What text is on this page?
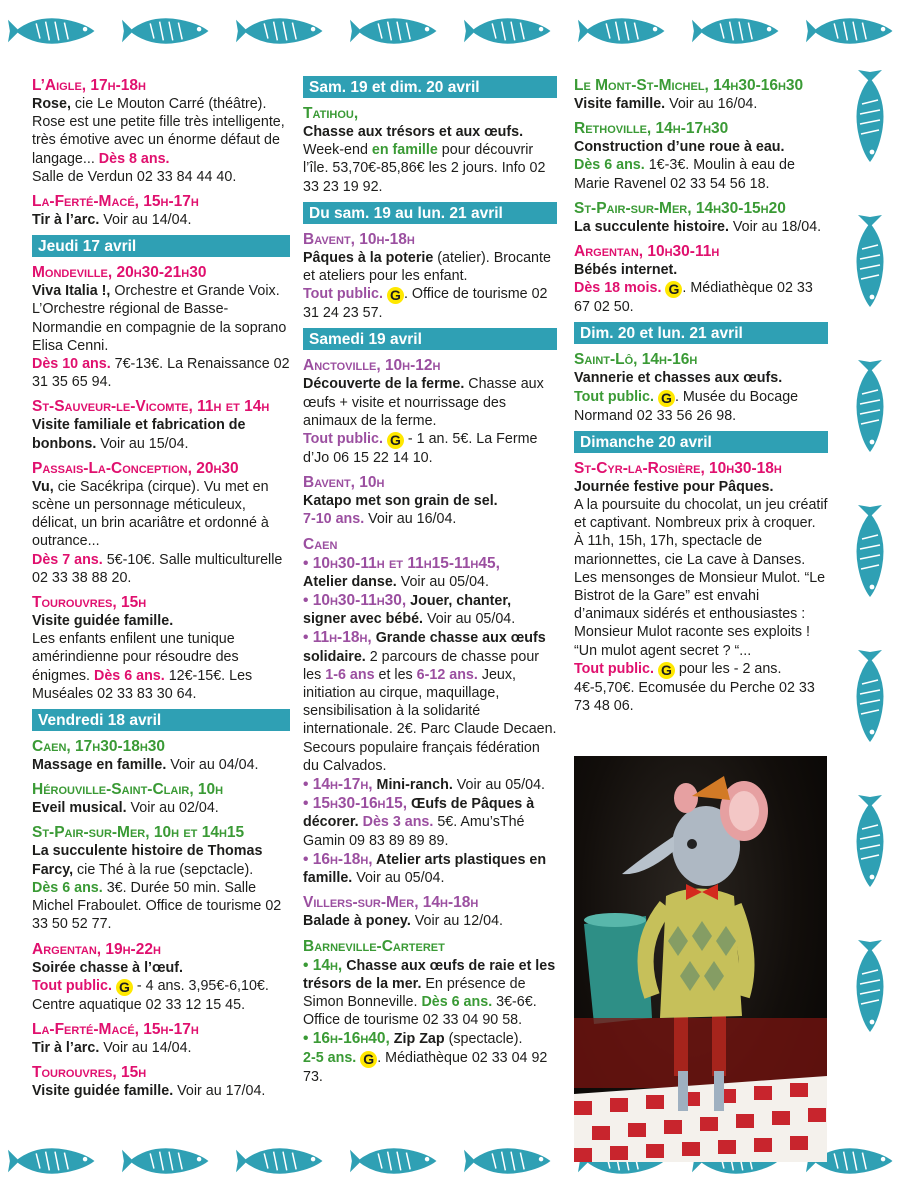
L’Aigle, 17h-18h
Rose, cie Le Mouton Carré (théâtre). Rose est une petite fille très intelligente, très émotive avec un énorme défaut de langage... Dès 8 ans.
Salle de Verdun 02 33 84 44 40.
La-Ferté-Macé, 15h-17h
Tir à l’arc. Voir au 14/04.
Jeudi 17 avril
Mondeville, 20h30-21h30
Viva Italia !, Orchestre et Grande Voix. L’Orchestre régional de Basse-Normandie en compagnie de la soprano Elisa Cenni.
Dès 10 ans. 7€-13€. La Renaissance 02 31 35 65 94.
St-Sauveur-le-Vicomte, 11h et 14h
Visite familiale et fabrication de bonbons. Voir au 15/04.
Passais-La-Conception, 20h30
Vu, cie Sacékripa (cirque). Vu met en scène un personnage méticuleux, délicat, un brin acariâtre et ordonné à outrance...
Dès 7 ans. 5€-10€. Salle multiculturelle 02 33 38 88 20.
Tourouvres, 15h
Visite guidée famille.
Les enfants enfilent une tunique amérindienne pour résoudre des énigmes. Dès 6 ans. 12€-15€. Les Muséales 02 33 83 30 64.
Vendredi 18 avril
Caen, 17h30-18h30
Massage en famille. Voir au 04/04.
Hérouville-Saint-Clair, 10h
Eveil musical. Voir au 02/04.
St-Pair-sur-Mer, 10h et 14h15
La succulente histoire de Thomas Farcy, cie Thé à la rue (sepctacle).
Dès 6 ans. 3€. Durée 50 min. Salle Michel Fraboulet. Office de tourisme 02 33 50 52 77.
Argentan, 19h-22h
Soirée chasse à l’œuf.
Tout public. G - 4 ans. 3,95€-6,10€. Centre aquatique 02 33 12 15 45.
La-Ferté-Macé, 15h-17h
Tir à l’arc. Voir au 14/04.
Tourouvres, 15h
Visite guidée famille. Voir au 17/04.
Sam. 19 et dim. 20 avril
Tatihou,
Chasse aux trésors et aux œufs. Week-end en famille pour découvrir l’île. 53,70€-85,86€ les 2 jours. Info 02 33 23 19 92.
Du sam. 19 au lun. 21 avril
Bavent, 10h-18h
Pâques à la poterie (atelier). Brocante et ateliers pour les enfant.
Tout public. G . Office de tourisme 02 31 24 23 57.
Samedi 19 avril
Anctoville, 10h-12h
Découverte de la ferme. Chasse aux œufs + visite et nourrissage des animaux de la ferme.
Tout public. G - 1 an. 5€. La Ferme d’Jo 06 15 22 14 10.
Bavent, 10h
Katapo met son grain de sel.
7-10 ans. Voir au 16/04.
Caen
• 10h30-11h et 11h15-11h45,
Atelier danse. Voir au 05/04.
• 10h30-11h30, Jouer, chanter, signer avec bébé. Voir au 05/04.
• 11h-18h, Grande chasse aux œufs solidaire. 2 parcours de chasse pour les 1-6 ans et les 6-12 ans. Jeux, initiation au cirque, maquillage, sensibilisation à la solidarité internationale. 2€. Parc Claude Decaen. Secours populaire français fédération du Calvados.
• 14h-17h, Mini-ranch. Voir au 05/04.
• 15h30-16h15, Œufs de Pâques à décorer. Dès 3 ans. 5€. Amu’sThé Gamin 09 83 89 89 89.
• 16h-18h, Atelier arts plastiques en famille. Voir au 05/04.
Villers-sur-Mer, 14h-18h
Balade à poney. Voir au 12/04.
Barneville-Carteret
• 14h, Chasse aux œufs de raie et les trésors de la mer. En présence de Simon Bonneville. Dès 6 ans. 3€-6€. Office de tourisme 02 33 04 90 58.
• 16h-16h40, Zip Zap (spectacle).
2-5 ans. G . Médiathèque 02 33 04 92 73.
Le Mont-St-Michel, 14h30-16h30
Visite famille. Voir au 16/04.
Rethoville, 14h-17h30
Construction d’une roue à eau.
Dès 6 ans. 1€-3€. Moulin à eau de Marie Ravenel 02 33 54 56 18.
St-Pair-sur-Mer, 14h30-15h20
La succulente histoire. Voir au 18/04.
Argentan, 10h30-11h
Bébés internet.
Dès 18 mois. G . Médiathèque 02 33 67 02 50.
Dim. 20 et lun. 21 avril
Saint-Lô, 14h-16h
Vannerie et chasses aux œufs.
Tout public. G . Musée du Bocage Normand 02 33 56 26 98.
Dimanche 20 avril
St-Cyr-la-Rosière, 10h30-18h
Journée festive pour Pâques.
A la poursuite du chocolat, un jeu créatif et captivant. Nombreux prix à croquer. À 11h, 15h, 17h, spectacle de marionnettes, cie La cave à Danses. Les mensonges de Monsieur Mulot. “Le Bistrot de la Gare” est envahi d’animaux sidérés et enthousiastes : Monsieur Mulot raconte ses exploits ! “Un mulot agent secret ? “...
Tout public. G pour les - 2 ans. 4€-5,70€. Ecomusée du Perche 02 33 73 48 06.
